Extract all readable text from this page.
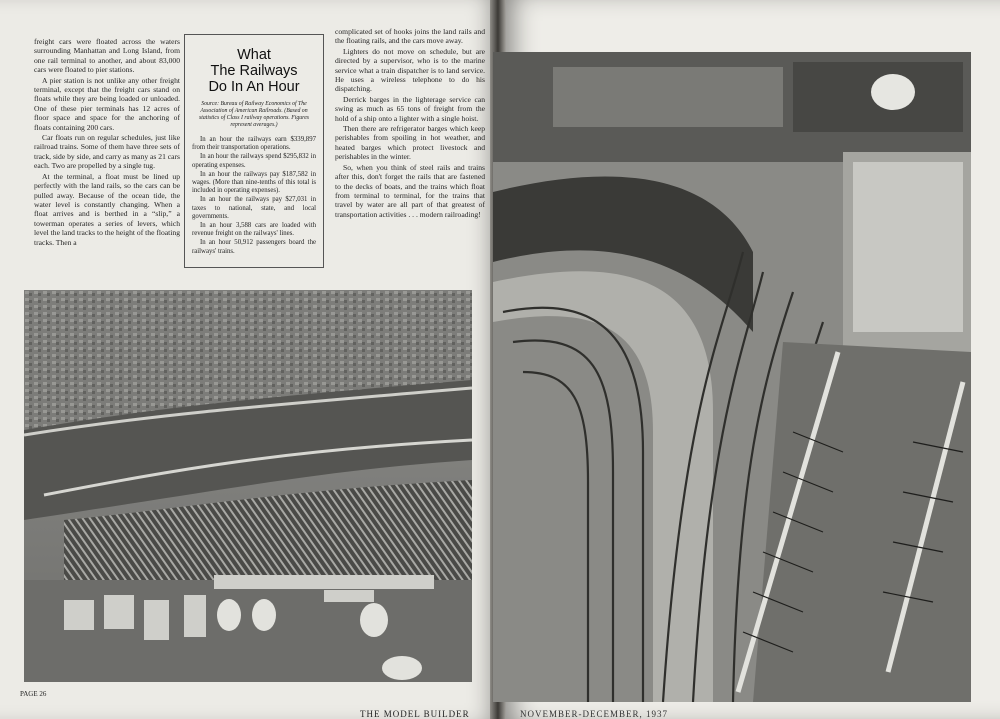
freight cars were floated across the waters surrounding Manhattan and Long Island, from one rail terminal to another, and about 83,000 cars were floated to pier stations.

A pier station is not unlike any other freight terminal, except that the freight cars stand on floats while they are being loaded or unloaded. One of these pier terminals has 12 acres of floor space and space for the anchoring of floats containing 200 cars.

Car floats run on regular schedules, just like railroad trains. Some of them have three sets of track, side by side, and carry as many as 21 cars each. Two are propelled by a single tug.

At the terminal, a float must be lined up perfectly with the land rails, so the cars can be pulled away. Because of the ocean tide, the water level is constantly changing. When a float arrives and is berthed in a “slip,” a towerman operates a series of levers, which level the land tracks to the height of the floating tracks. Then a

What
The Railways
Do In An Hour
Source: Bureau of Railway Economics of The Association of American Railroads. (Based on statistics of Class I railway operations. Figures represent averages.)

In an hour the railways earn $339,897 from their transportation operations.

In an hour the railways spend $295,832 in operating expenses.

In an hour the railways pay $187,582 in wages. (More than nine-tenths of this total is included in operating expenses).

In an hour the railways pay $27,031 in taxes to national, state, and local governments.

In an hour 3,588 cars are loaded with revenue freight on the railways' lines.

In an hour 50,912 passengers board the railways' trains.

complicated set of hooks joins the land rails and the floating rails, and the cars move away.

Lighters do not move on schedule, but are directed by a supervisor, who is to the marine service what a train dispatcher is to land service. He uses a wireless telephone to do his dispatching.

Derrick barges in the lighterage service can swing as much as 65 tons of freight from the hold of a ship onto a lighter with a single hoist.

Then there are refrigerator barges which keep perishables from spoiling in hot weather, and heated barges which protect livestock and perishables in the winter.

So, when you think of steel rails and trains after this, don't forget the rails that are fastened to the decks of boats, and the trains which float from terminal to terminal, for the trains that travel by water are all part of that greatest of transportation activities . . . modern railroading!

PAGE 26
THE MODEL BUILDER	NOVEMBER-DECEMBER, 1937
